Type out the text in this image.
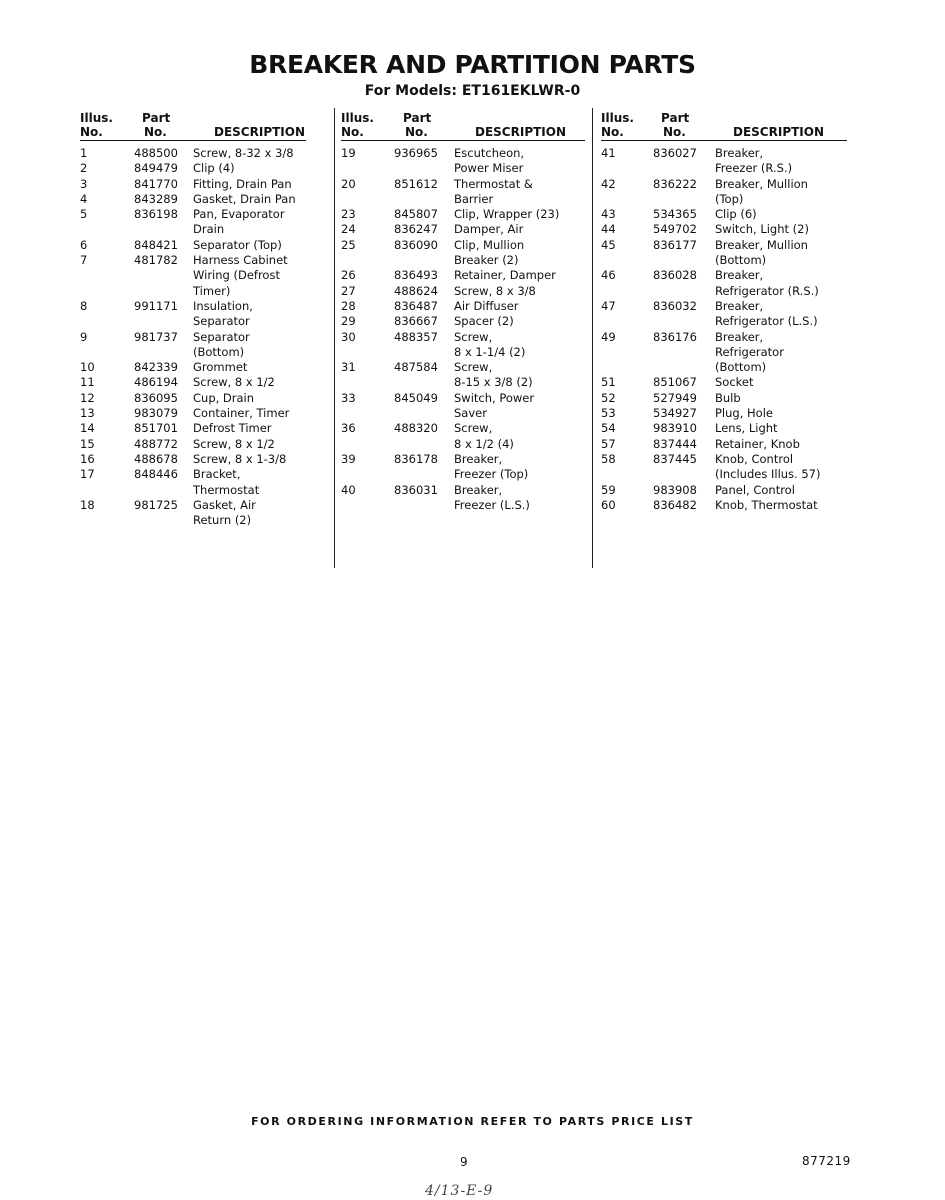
BREAKER AND PARTITION PARTS
For Models: ET161EKLWR-0
Illus.
No.
Part
No.	DESCRIPTION
1	488500 Screw, 8-32 x 3/8
2	849479 Clip (4)
3	841770 Fitting, Drain Pan
4	843289 Gasket, Drain Pan
5	836198 Pan, Evaporator
Drain
6	848421 Separator (Top)
7	481782 Harness Cabinet
Wiring (Defrost
Timer)
8	991171 Insulation,
Separator
9	981737 Separator
(Bottom)
10	842339 Grommet
11	486194 Screw, 8 x 1/2
12	836095 Cup, Drain
13	983079 Container, Timer
14	851701 Defrost Timer
15	488772 Screw, 8 x 1/2
16	488678 Screw, 8 x 1-3/8
17	848446 Bracket,
Thermostat
18	981725 Gasket, Air
Return (2)
Illus.
No.
Part
No.	DESCRIPTION
19	936965 Escutcheon,
Power Miser
20	851612 Thermostat &
Barrier
23	845807 Clip, Wrapper (23)
24	836247 Damper, Air
25	836090 Clip, Mullion
Breaker (2)
26	836493 Retainer, Damper
27	488624 Screw, 8 x 3/8
28	836487 Air Diffuser
29	836667 Spacer (2)
30	488357 Screw,
8 x 1-1/4 (2)
31	487584 Screw,
8-15 x 3/8 (2)
33	845049 Switch, Power
Saver
36	488320 Screw,
8 x 1/2 (4)
39	836178 Breaker,
Freezer (Top)
40	836031 Breaker,
Freezer (L.S.)
Illus.
No.
Part
No.	DESCRIPTION
41	836027 Breaker,
Freezer (R.S.)
42	836222 Breaker, Mullion
(Top)
43	534365 Clip (6)
44	549702 Switch, Light (2)
45	836177 Breaker, Mullion
(Bottom)
46	836028 Breaker,
Refrigerator (R.S.)
47	836032 Breaker,
Refrigerator (L.S.)
49	836176 Breaker,
Refrigerator
(Bottom)
51	851067 Socket
52	527949 Bulb
53	534927 Plug, Hole
54	983910 Lens, Light
57	837444 Retainer, Knob
58	837445 Knob, Control
(Includes Illus. 57)
59	983908 Panel, Control
60	836482 Knob, Thermostat
FOR ORDERING INFORMATION REFER TO PARTS PRICE LIST
9	877219
4/13-E-9
